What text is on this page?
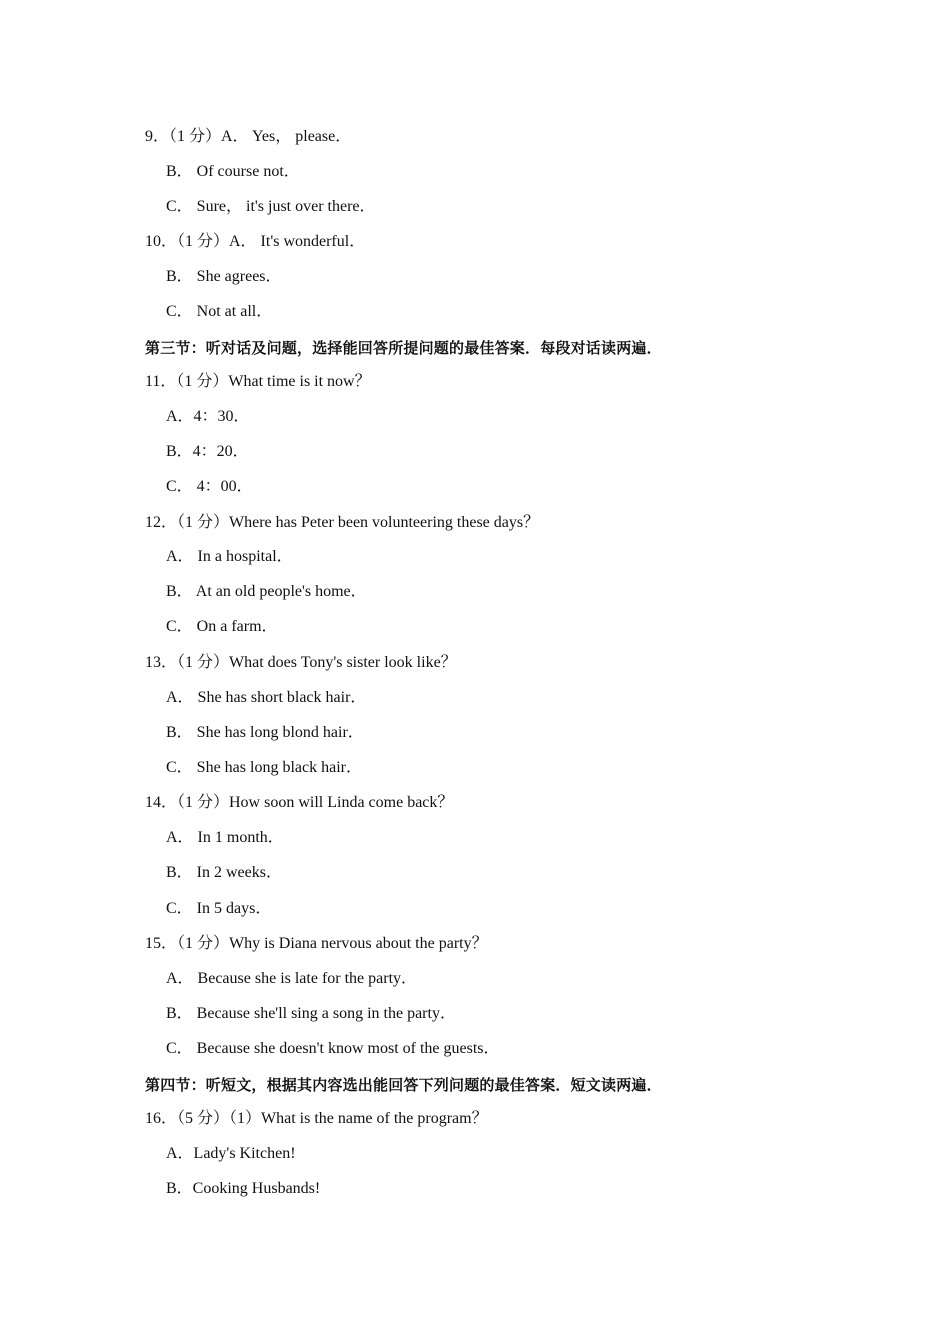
9．（1 分）A． Yes， please．
B． Of course not．
C． Sure， it's just over there．
10．（1 分）A． It's wonderful．
B． She agrees．
C． Not at all．
第三节：听对话及问题，选择能回答所提问题的最佳答案．每段对话读两遍．
11．（1 分）What time is it now？
A．4：30．
B．4：20．
C． 4：00．
12．（1 分）Where has Peter been volunteering these days？
A． In a hospital．
B． At an old people's home．
C． On a farm．
13．（1 分）What does Tony's sister look like？
A． She has short black hair．
B． She has long blond hair．
C． She has long black hair．
14．（1 分）How soon will Linda come back？
A． In 1 month．
B． In 2 weeks．
C． In 5 days．
15．（1 分）Why is Diana nervous about the party？
A． Because she is late for the party．
B． Because she'll sing a song in the party．
C． Because she doesn't know most of the guests．
第四节：听短文，根据其内容选出能回答下列问题的最佳答案．短文读两遍．
16．（5 分）（1）What is the name of the program？
A．Lady's Kitchen!
B．Cooking Husbands!
